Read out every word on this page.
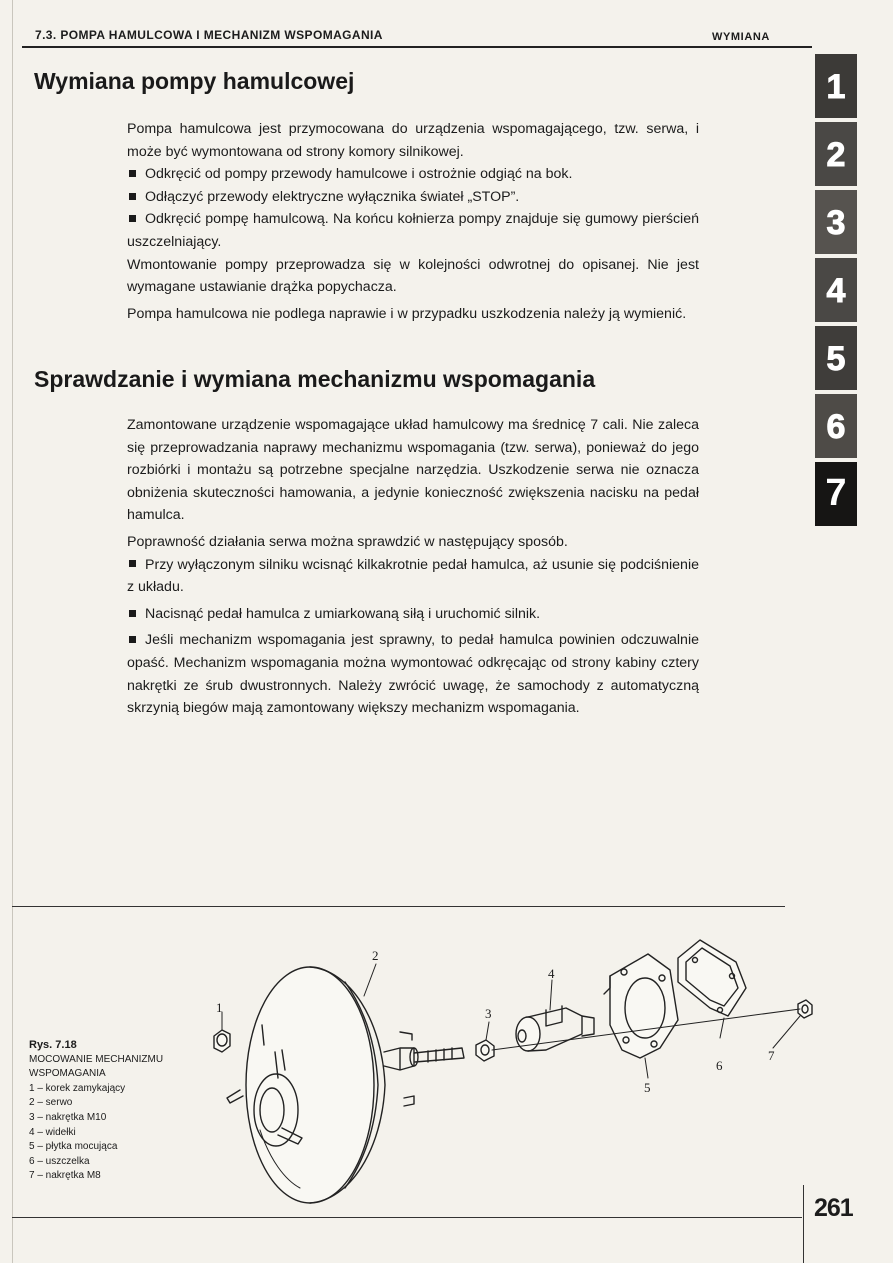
7.3. POMPA HAMULCOWA I MECHANIZM WSPOMAGANIA	WYMIANA
Wymiana pompy hamulcowej

Pompa hamulcowa jest przymocowana do urządzenia wspomagającego, tzw. serwa, i może być wymontowana od strony komory silnikowej.

Odkręcić od pompy przewody hamulcowe i ostrożnie odgiąć na bok.

Odłączyć przewody elektryczne wyłącznika świateł „STOP”.

Odkręcić pompę hamulcową. Na końcu kołnierza pompy znajduje się gumowy pierścień uszczelniający.

Wmontowanie pompy przeprowadza się w kolejności odwrotnej do opisanej. Nie jest wymagane ustawianie drążka popychacza.

Pompa hamulcowa nie podlega naprawie i w przypadku uszkodzenia należy ją wymienić.

Sprawdzanie i wymiana mechanizmu wspomagania

Zamontowane urządzenie wspomagające układ hamulcowy ma średnicę 7 cali. Nie zaleca się przeprowadzania naprawy mechanizmu wspomagania (tzw. serwa), ponieważ do jego rozbiórki i montażu są potrzebne specjalne narzędzia. Uszkodzenie serwa nie oznacza obniżenia skuteczności hamowania, a jedynie konieczność zwiększenia nacisku na pedał hamulca.

Poprawność działania serwa można sprawdzić w następujący sposób.

Przy wyłączonym silniku wcisnąć kilkakrotnie pedał hamulca, aż usunie się podciśnienie z układu.

Nacisnąć pedał hamulca z umiarkowaną siłą i uruchomić silnik.

Jeśli mechanizm wspomagania jest sprawny, to pedał hamulca powinien odczuwalnie opaść. Mechanizm wspomagania można wymontować odkręcając od strony kabiny cztery nakrętki ze śrub dwustronnych. Należy zwrócić uwagę, że samochody z automatyczną skrzynią biegów mają zamontowany większy mechanizm wspomagania.

Rys. 7.18
MOCOWANIE MECHANIZMU WSPOMAGANIA
1 – korek zamykający
2 – serwo
3 – nakrętka M10
4 – widełki
5 – płytka mocująca
6 – uszczelka
7 – nakrętka M8
1
2
3
4
5
6
7
1
2
3
4
5
6
7
261
